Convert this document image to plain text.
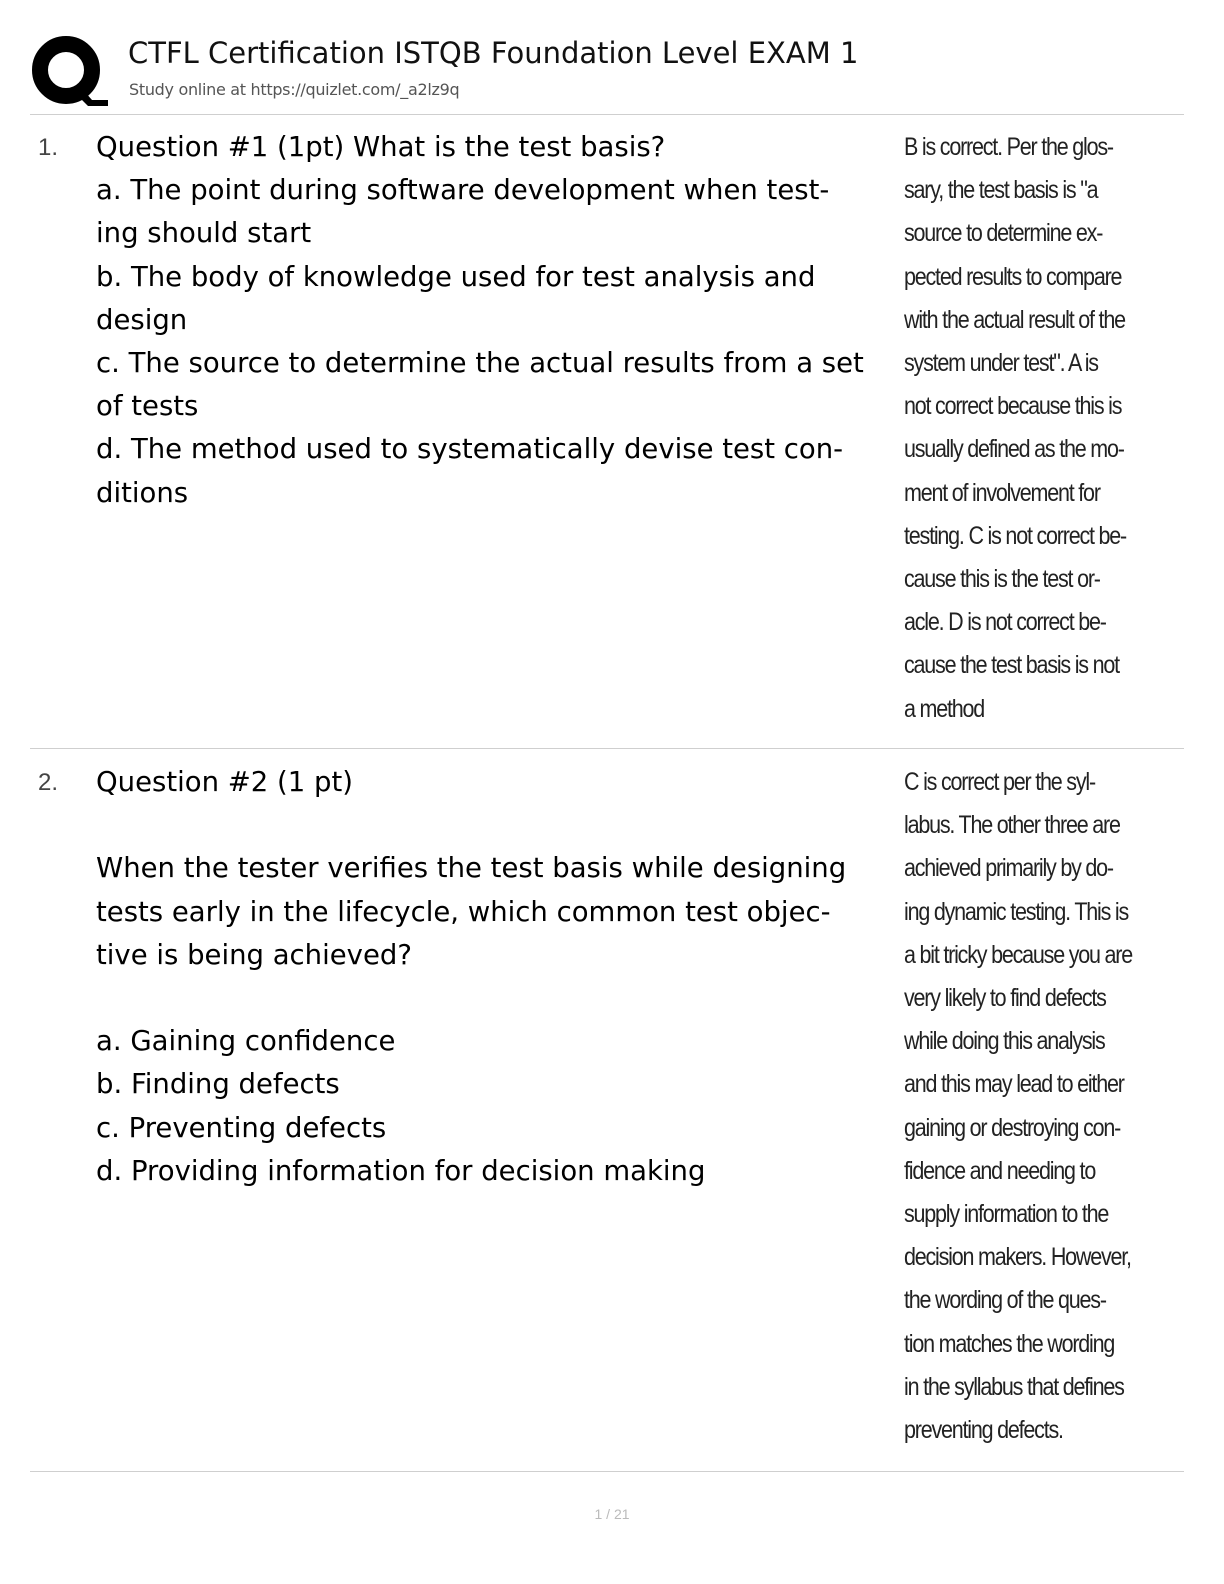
CTFL Certification ISTQB Foundation Level EXAM 1
Study online at https://quizlet.com/_a2lz9q
1. Question #1 (1pt) What is the test basis?
a. The point during software development when test-
ing should start
b. The body of knowledge used for test analysis and
design
c. The source to determine the actual results from a set
of tests
d. The method used to systematically devise test con-
ditions
B is correct. Per the glos-
sary, the test basis is "a
source to determine ex-
pected results to compare
with the actual result of the
system under test". A is
not correct because this is
usually defined as the mo-
ment of involvement for
testing. C is not correct be-
cause this is the test or-
acle. D is not correct be-
cause the test basis is not
a method
2. Question #2 (1 pt)
When the tester verifies the test basis while designing
tests early in the lifecycle, which common test objec-
tive is being achieved?
a. Gaining confidence
b. Finding defects
c. Preventing defects
d. Providing information for decision making
C is correct per the syl-
labus. The other three are
achieved primarily by do-
ing dynamic testing. This is
a bit tricky because you are
very likely to find defects
while doing this analysis
and this may lead to either
gaining or destroying con-
fidence and needing to
supply information to the
decision makers. However,
the wording of the ques-
tion matches the wording
in the syllabus that defines
preventing defects.
1 / 21
